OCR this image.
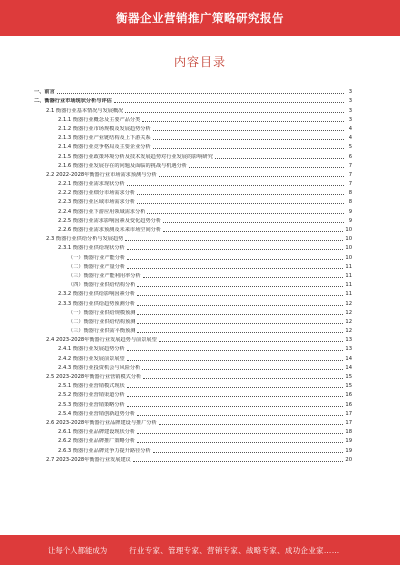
衡器企业营销推广策略研究报告
内容目录
一、前言	3
二、衡器行业市场现状分析与评估	3
2.1 衡器行业基本情况与发展概况	3
2.1.1 衡器行业概念及主要产品分类	3
2.1.2 衡器行业市场规模及发展趋势分析	4
2.1.3 衡器行业产业链结构及上下游关系	4
2.1.4 衡器行业竞争格局及主要企业分析	5
2.1.5 衡器行业政策环境分析及技术发展趋势对行业发展的影响研究	6
2.1.6 衡器行业发展存在的问题及面临的挑战与机遇分析	7
2.2 2022-2028年衡器行业市场需求预测与分析	7
2.2.1 衡器行业需求现状分析	7
2.2.2 衡器行业细分市场需求分析	8
2.2.3 衡器行业区域市场需求分析	8
2.2.4 衡器行业下游应用领域需求分析	9
2.2.5 衡器行业需求影响因素及变化趋势分析	9
2.2.6 衡器行业需求预测及未来市场空间分析	10
2.3 衡器行业供给分析与发展趋势	10
2.3.1 衡器行业供给现状分析	10
（一）衡器行业产能分析	10
（二）衡器行业产量分析	11
（三）衡器行业产能利用率分析	11
（四）衡器行业供给结构分析	11
2.3.2 衡器行业供给影响因素分析	11
2.3.3 衡器行业供给趋势预测分析	12
（一）衡器行业供给规模预测	12
（二）衡器行业供给结构预测	12
（三）衡器行业供需平衡预测	12
2.4 2023-2028年衡器行业发展趋势与前景展望	13
2.4.1 衡器行业发展趋势分析	13
2.4.2 衡器行业发展前景展望	14
2.4.3 衡器行业投资机会与风险分析	14
2.5 2023-2028年衡器行业营销模式分析	15
2.5.1 衡器行业营销模式现状	15
2.5.2 衡器行业营销渠道分析	16
2.5.3 衡器行业营销策略分析	16
2.5.4 衡器行业营销创新趋势分析	17
2.6 2023-2028年衡器行业品牌建设与推广分析	17
2.6.1 衡器行业品牌建设现状分析	18
2.6.2 衡器行业品牌推广策略分析	19
2.6.3 衡器行业品牌竞争力提升路径分析	19
2.7 2023-2028年衡器行业发展建议	20
让每个人都能成为	行业专家、管理专家、营销专家、战略专家、成功企业家……
